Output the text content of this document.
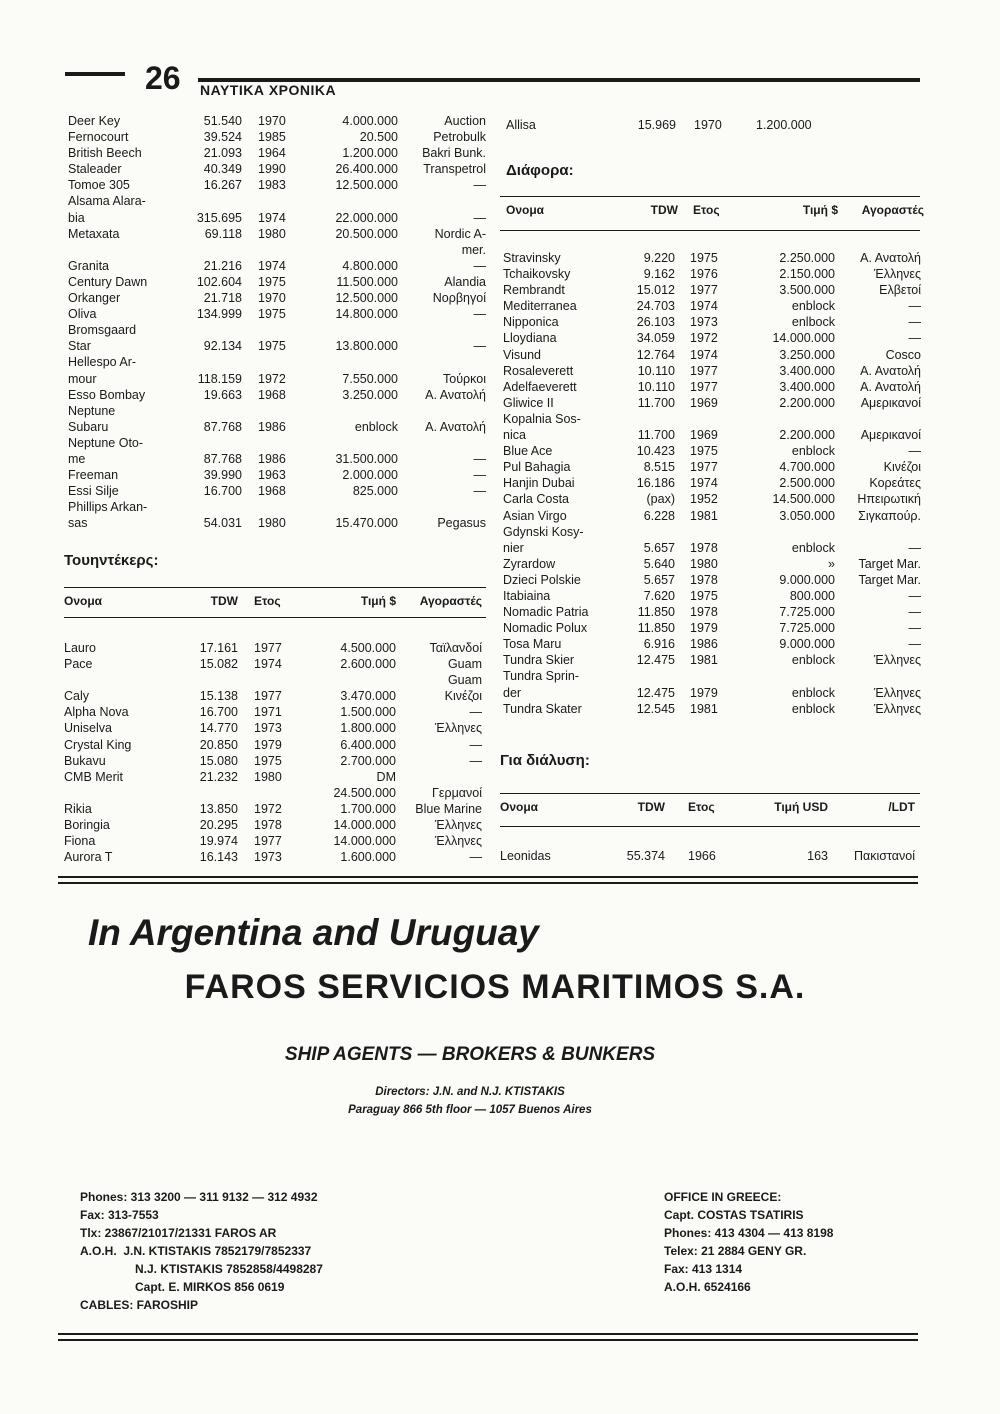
26 ΝΑΥΤΙΚΑ ΧΡΟΝΙΚΑ
Deer Key	51.540 1970	4.000.000	Auction
Fernocourt	39.524 1985	20.500	Petrobulk
British Beech	21.093 1964	1.200.000	Bakri Bunk.
Staleader	40.349 1990	26.400.000	Transpetrol
Tomoe 305	16.267 1983	12.500.000	—
Alsama Alara-
bia	315.695 1974	22.000.000	—
Metaxata	69.118 1980	20.500.000	Nordic A-
mer.
Granita	21.216 1974	4.800.000	—
Century Dawn	102.604 1975	11.500.000	Alandia
Orkanger	21.718 1970	12.500.000	Νορβηγοί
Oliva	134.999 1975	14.800.000	—
Bromsgaard
Star	92.134 1975	13.800.000	—
Hellespo Ar-
mour	118.159 1972	7.550.000	Τούρκοι
Esso Bombay	19.663 1968	3.250.000	Α. Ανατολή
Neptune
Subaru	87.768 1986	enblock	Α. Ανατολή
Neptune Oto-
me	87.768 1986	31.500.000	—
Freeman	39.990 1963	2.000.000	—
Essi Silje	16.700 1968	825.000	—
Phillips Arkan-
sas	54.031 1980	15.470.000	Pegasus
Τουηντέκερς:
Ονομα	TDW Ετος	Τιμή $	Αγοραστές
Lauro	17.161 1977	4.500.000	Ταϊλανδοί
Pace	15.082 1974	2.600.000	Guam
Guam
Caly	15.138 1977	3.470.000	Κινέζοι
Alpha Nova	16.700 1971	1.500.000	—
Uniselva	14.770 1973	1.800.000	Έλληνες
Crystal King	20.850 1979	6.400.000	—
Bukavu	15.080 1975	2.700.000	—
CMB Merit	21.232 1980	DM
24.500.000	Γερμανοί
Rikia	13.850 1972	1.700.000	Blue Marine
Boringia	20.295 1978	14.000.000	Έλληνες
Fiona	19.974 1977	14.000.000	Έλληνες
Aurora T	16.143 1973	1.600.000	—
Allisa	15.969 1970	1.200.000
Διάφορα:
Ονομα	TDW Ετος	Τιμή $	Αγοραστές
Stravinsky	9.220 1975	2.250.000	Α. Ανατολή
Tchaikovsky	9.162 1976	2.150.000	Έλληνες
Rembrandt	15.012 1977	3.500.000	Ελβετοί
Mediterranea	24.703 1974	enblock	—
Nipponica	26.103 1973	enlbock	—
Lloydiana	34.059 1972	14.000.000	—
Visund	12.764 1974	3.250.000	Cosco
Rosaleverett	10.110 1977	3.400.000	Α. Ανατολή
Adelfaeverett	10.110 1977	3.400.000	Α. Ανατολή
Gliwice II	11.700 1969	2.200.000	Αμερικανοί
Kopalnia Sos-
nica	11.700 1969	2.200.000	Αμερικανοί
Blue Ace	10.423 1975	enblock	—
Pul Bahagia	8.515 1977	4.700.000	Κινέζοι
Hanjin Dubai	16.186 1974	2.500.000	Κορεάτες
Carla Costa	(pax) 1952	14.500.000	Ηπειρωτική
Asian Virgo	6.228 1981	3.050.000	Σιγκαπούρ.
Gdynski Kosy-
nier	5.657 1978	enblock	—
Zyrardow	5.640 1980	»	Target Mar.
Dzieci Polskie	5.657 1978	9.000.000	Target Mar.
Itabiaina	7.620 1975	800.000	—
Nomadic Patria	11.850 1978	7.725.000	—
Nomadic Polux	11.850 1979	7.725.000	—
Tosa Maru	6.916 1986	9.000.000	—
Tundra Skier	12.475 1981	enblock	Έλληνες
Tundra Sprin-
der	12.475 1979	enblock	Έλληνες
Tundra Skater	12.545 1981	enblock	Έλληνες
Για διάλυση:
Ονομα	TDW Ετος	Τιμή USD	/LDT
Leonidas	55.374 1966	163	Πακιστανοί
In Argentina and Uruguay
FAROS SERVICIOS MARITIMOS S.A.
SHIP AGENTS — BROKERS & BUNKERS
Directors: J.N. and N.J. KTISTAKIS
Paraguay 866 5th floor — 1057 Buenos Aires
Phones: 313 3200 — 311 9132 — 312 4932
Fax: 313-7553
Tlx: 23867/21017/21331 FAROS AR
A.O.H.  J.N. KTISTAKIS 7852179/7852337
N.J. KTISTAKIS 7852858/4498287
Capt. E. MIRKOS 856 0619
CABLES: FAROSHIP
OFFICE IN GREECE:
Capt. COSTAS TSATIRIS
Phones: 413 4304 — 413 8198
Telex: 21 2884 GENY GR.
Fax: 413 1314
A.O.H. 6524166
